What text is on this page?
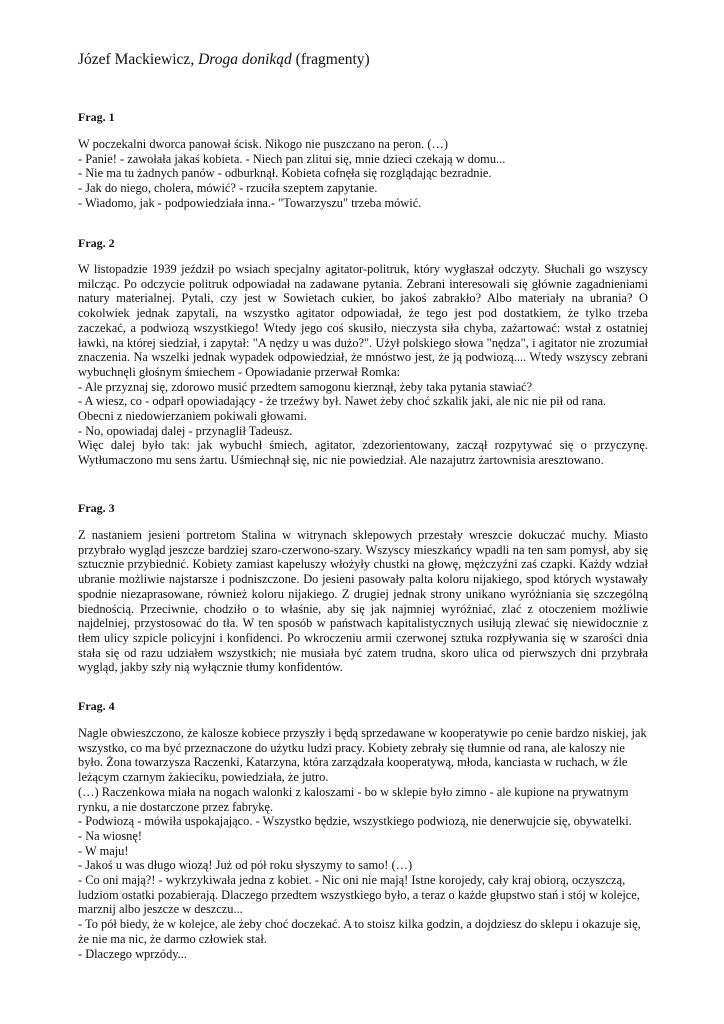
Józef Mackiewicz, Droga donikąd (fragmenty)
Frag. 1

W poczekalni dworca panował ścisk. Nikogo nie puszczano na peron. (…)

- Panie! - zawołała jakaś kobieta. - Niech pan zlitui się, mnie dzieci czekają w domu...

- Nie ma tu żadnych panów - odburknął. Kobieta cofnęła się rozglądając bezradnie.

- Jak do niego, cholera, mówić? - rzuciła szeptem zapytanie.

- Wiadomo, jak - podpowiedziała inna.- "Towarzyszu" trzeba mówić.

Frag. 2

W listopadzie 1939 jeździł po wsiach specjalny agitator-politruk, który wygłaszał odczyty. Słuchali go wszyscy milcząc. Po odczycie politruk odpowiadał na zadawane pytania. Zebrani interesowali się głównie zagadnieniami natury materialnej. Pytali, czy jest w Sowietach cukier, bo jakoś zabrakło? Albo materiały na ubrania? O cokolwiek jednak zapytali, na wszystko agitator odpowiadał, że tego jest pod dostatkiem, że tylko trzeba zaczekać, a podwiozą wszystkiego! Wtedy jego coś skusiło, nieczysta siła chyba, zażartować: wstał z ostatniej ławki, na której siedział, i zapytał: "A nędzy u was dużo?". Użył polskiego słowa "nędza", i agitator nie zrozumiał znaczenia. Na wszelki jednak wypadek odpowiedział, że mnóstwo jest, że ją podwiozą.... Wtedy wszyscy zebrani wybuchnęli głośnym śmiechem - Opowiadanie przerwał Romka:

- Ale przyznaj się, zdorowo musić przedtem samogonu kierznął, żeby taka pytania stawiać?

- A wiesz, co - odparł opowiadający - że trzeźwy był. Nawet żeby choć szkalik jaki, ale nic nie pił od rana.

Obecni z niedowierzaniem pokiwali głowami.

- No, opowiadaj dalej - przynaglił Tadeusz.

Więc dalej było tak: jak wybuchł śmiech, agitator, zdezorientowany, zaczął rozpytywać się o przyczynę. Wytłumaczono mu sens żartu. Uśmiechnął się, nic nie powiedział. Ale nazajutrz żartownisia aresztowano.

Frag. 3

Z nastaniem jesieni portretom Stalina w witrynach sklepowych przestały wreszcie dokuczać muchy. Miasto przybrało wygląd jeszcze bardziej szaro-czerwono-szary. Wszyscy mieszkańcy wpadli na ten sam pomysł, aby się sztucznie przybiednić. Kobiety zamiast kapeluszy włożyły chustki na głowę, mężczyźni zaś czapki. Każdy wdział ubranie możliwie najstarsze i podniszczone. Do jesieni pasowały palta koloru nijakiego, spod których wystawały spodnie niezaprasowane, również koloru nijakiego. Z drugiej jednak strony unikano wyróżniania się szczególną biednością. Przeciwnie, chodziło o to właśnie, aby się jak najmniej wyróżniać, zlać z otoczeniem możliwie najdelniej, przystosować do tła. W ten sposób w państwach kapitalistycznych usiłują zlewać się niewidocznie z tłem ulicy szpicle policyjni i konfidenci. Po wkroczeniu armii czerwonej sztuka rozpływania się w szarości dnia stała się od razu udziałem wszystkich; nie musiała być zatem trudna, skoro ulica od pierwszych dni przybrała wygląd, jakby szły nią wyłącznie tłumy konfidentów.

Frag. 4

Nagle obwieszczono, że kalosze kobiece przyszły i będą sprzedawane w kooperatywie po cenie bardzo niskiej, jak wszystko, co ma być przeznaczone do użytku ludzi pracy. Kobiety zebrały się tłumnie od rana, ale kaloszy nie było. Żona towarzysza Raczenki, Katarzyna, która zarządzała kooperatywą, młoda, kanciasta w ruchach, w źle leżącym czarnym żakieciku, powiedziała, że jutro.

(…) Raczenkowa miała na nogach walonki z kaloszami - bo w sklepie było zimno - ale kupione na prywatnym rynku, a nie dostarczone przez fabrykę.

- Podwiozą - mówiła uspokajająco. - Wszystko będzie, wszystkiego podwiozą, nie denerwujcie się, obywatelki.

- Na wiosnę!

- W maju!

- Jakoś u was długo wiozą! Już od pół roku słyszymy to samo! (…)

- Co oni mają?! - wykrzykiwała jedna z kobiet. - Nic oni nie mają! Istne korojedy, cały kraj obiorą, oczyszczą, ludziom ostatki pozabierają. Dlaczego przedtem wszystkiego było, a teraz o każde głupstwo stań i stój w kolejce, marznij albo jeszcze w deszczu...

- To pół biedy, że w kolejce, ale żeby choć doczekać. A to stoisz kilka godzin, a dojdziesz do sklepu i okazuje się, że nie ma nic, że darmo człowiek stał.

- Dlaczego wprzódy...
